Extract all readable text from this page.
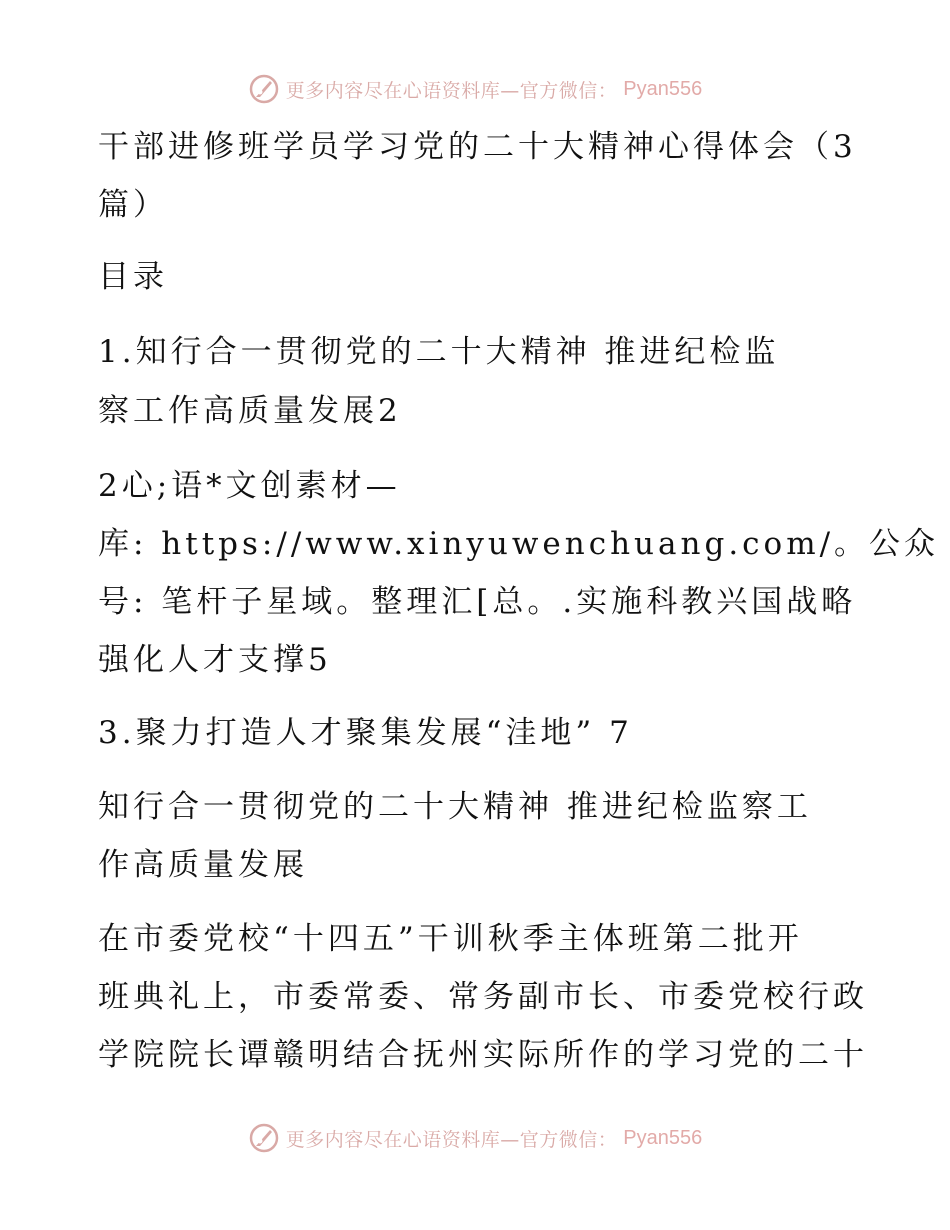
更多内容尽在心语资料库—官方微信： Pyan556
干部进修班学员学习党的二十大精神心得体会（3
篇）
目录
1.知行合一贯彻党的二十大精神 推进纪检监
察工作高质量发展2
2心;语*文创素材—
库: https://www.xinyuwenchuang.com/。公众
号: 笔杆子星域。整理汇[总。.实施科教兴国战略
强化人才支撑5
3.聚力打造人才聚集发展“洼地” 7
知行合一贯彻党的二十大精神 推进纪检监察工
作高质量发展
在市委党校“十四五”干训秋季主体班第二批开
班典礼上，市委常委、常务副市长、市委党校行政
学院院长谭赣明结合抚州实际所作的学习党的二十
更多内容尽在心语资料库—官方微信： Pyan556
